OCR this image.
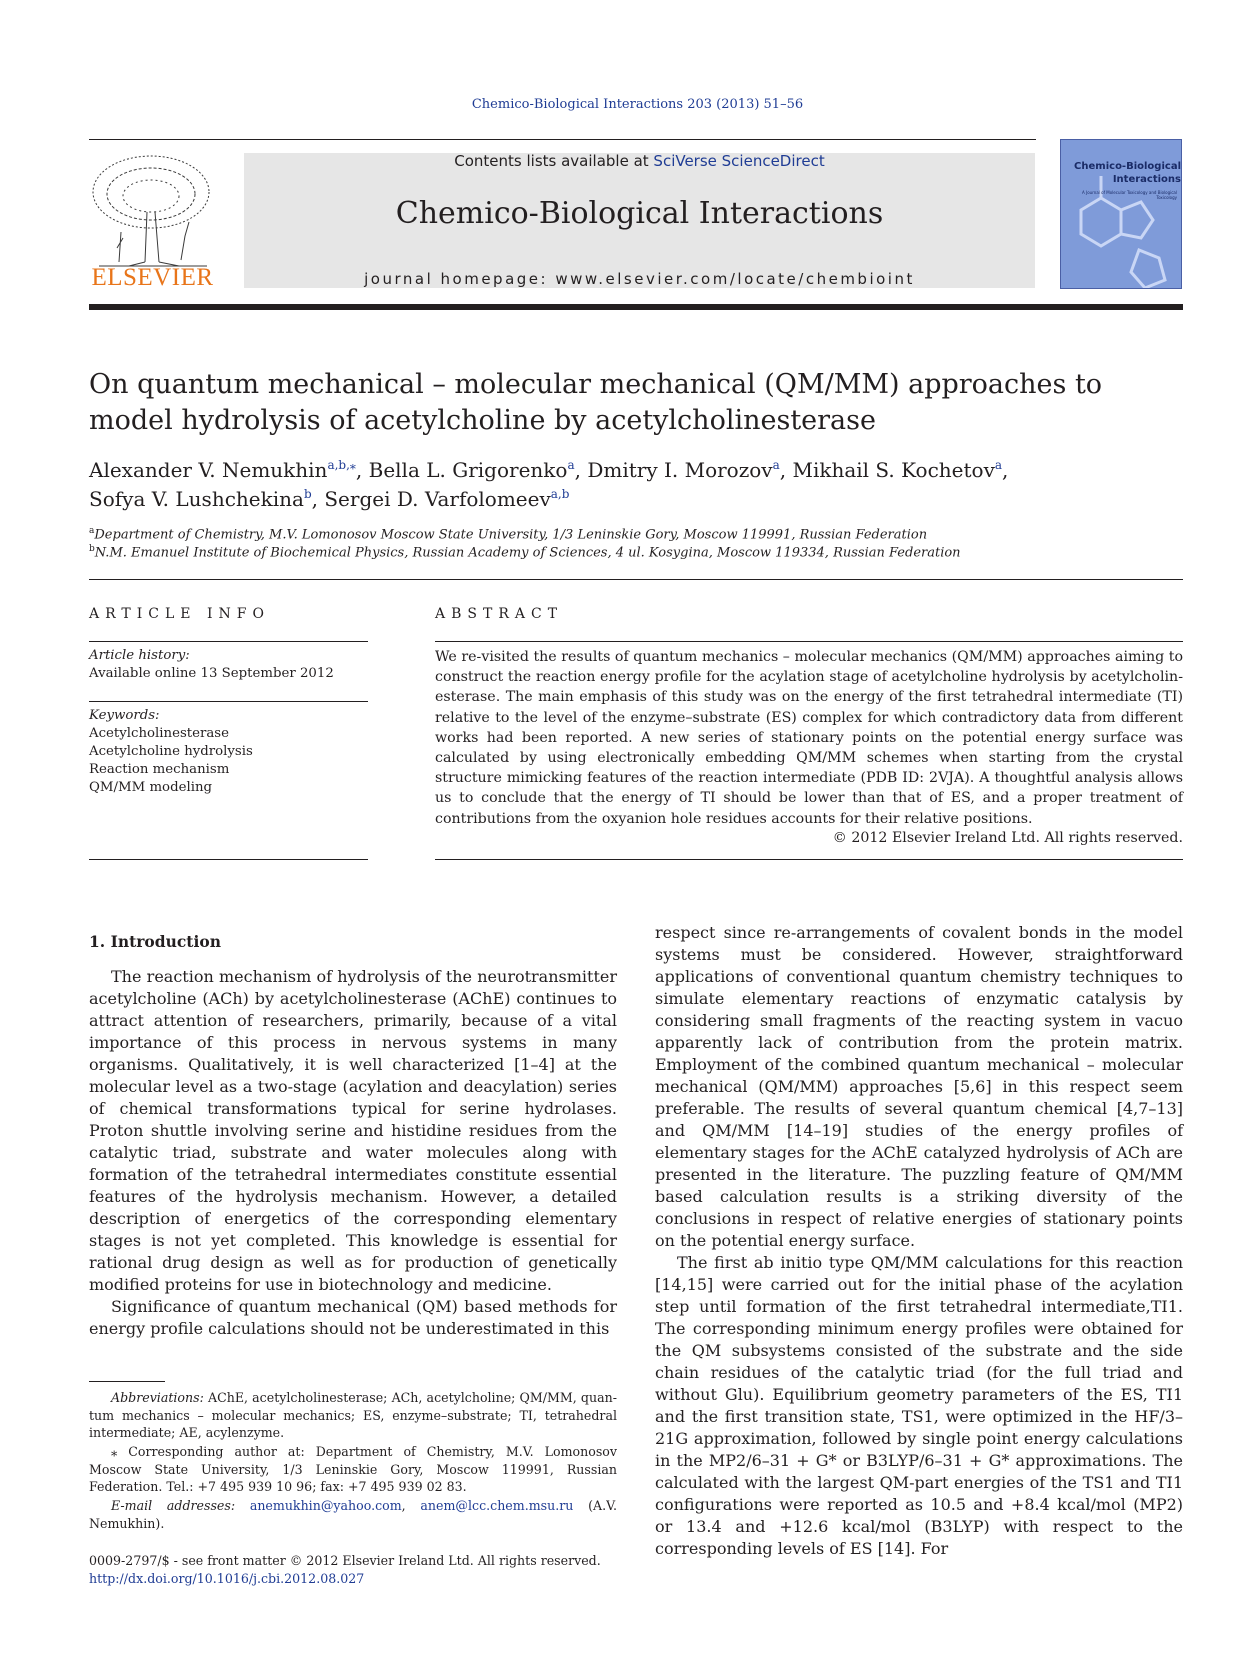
Chemico-Biological Interactions 203 (2013) 51–56
ELSEVIER
Contents lists available at SciVerse ScienceDirect
Chemico-Biological Interactions
journal homepage: www.elsevier.com/locate/chembioint
Chemico-Biological Interactions
A Journal of Molecular Toxicology and Biological Toxicology
On quantum mechanical – molecular mechanical (QM/MM) approaches to model hydrolysis of acetylcholine by acetylcholinesterase
Alexander V. Nemukhin$^{a,b,⁎}$, Bella L. Grigorenko$^a$, Dmitry I. Morozov$^a$, Mikhail S. Kochetov$^a$,
Sofya V. Lushchekina$^b$, Sergei D. Varfolomeev$^{a,b}$
$^a$Department of Chemistry, M.V. Lomonosov Moscow State University, 1/3 Leninskie Gory, Moscow 119991, Russian Federation
$^b$N.M. Emanuel Institute of Biochemical Physics, Russian Academy of Sciences, 4 ul. Kosygina, Moscow 119334, Russian Federation
ARTICLE INFO	ABSTRACT
Article history:
Available online 13 September 2012
Keywords:
Acetylcholinesterase
Acetylcholine hydrolysis
Reaction mechanism
QM/MM modeling
We re-visited the results of quantum mechanics – molecular mechanics (QM/MM) approaches aiming to construct the reaction energy profile for the acylation stage of acetylcholine hydrolysis by acetylcholinesterase. The main emphasis of this study was on the energy of the first tetrahedral intermediate (TI) relative to the level of the enzyme–substrate (ES) complex for which contradictory data from different works had been reported. A new series of stationary points on the potential energy surface was calculated by using electronically embedding QM/MM schemes when starting from the crystal structure mimicking features of the reaction intermediate (PDB ID: 2VJA). A thoughtful analysis allows us to conclude that the energy of TI should be lower than that of ES, and a proper treatment of contributions from the oxyanion hole residues accounts for their relative positions.
© 2012 Elsevier Ireland Ltd. All rights reserved.
1. Introduction

The reaction mechanism of hydrolysis of the neurotransmitter acetylcholine (ACh) by acetylcholinesterase (AChE) continues to attract attention of researchers, primarily, because of a vital importance of this process in nervous systems in many organisms. Qualitatively, it is well characterized [1–4] at the molecular level as a two-stage (acylation and deacylation) series of chemical transformations typical for serine hydrolases. Proton shuttle involving serine and histidine residues from the catalytic triad, substrate and water molecules along with formation of the tetrahedral intermediates constitute essential features of the hydrolysis mechanism. However, a detailed description of energetics of the corresponding elementary stages is not yet completed. This knowledge is essential for rational drug design as well as for production of genetically modified proteins for use in biotechnology and medicine.

Significance of quantum mechanical (QM) based methods for energy profile calculations should not be underestimated in this

respect since re-arrangements of covalent bonds in the model systems must be considered. However, straightforward applications of conventional quantum chemistry techniques to simulate elementary reactions of enzymatic catalysis by considering small fragments of the reacting system in vacuo apparently lack of contribution from the protein matrix. Employment of the combined quantum mechanical – molecular mechanical (QM/MM) approaches [5,6] in this respect seem preferable. The results of several quantum chemical [4,7–13] and QM/MM [14–19] studies of the energy profiles of elementary stages for the AChE catalyzed hydrolysis of ACh are presented in the literature. The puzzling feature of QM/MM based calculation results is a striking diversity of the conclusions in respect of relative energies of stationary points on the potential energy surface.

The first ab initio type QM/MM calculations for this reaction [14,15] were carried out for the initial phase of the acylation step until formation of the first tetrahedral intermediate,TI1. The corresponding minimum energy profiles were obtained for the QM subsystems consisted of the substrate and the side chain residues of the catalytic triad (for the full triad and without Glu). Equilibrium geometry parameters of the ES, TI1 and the first transition state, TS1, were optimized in the HF/3–21G approximation, followed by single point energy calculations in the MP2/6–31 + G* or B3LYP/6–31 + G* approximations. The calculated with the largest QM-part energies of the TS1 and TI1 configurations were reported as 10.5 and +8.4 kcal/mol (MP2) or 13.4 and +12.6 kcal/mol (B3LYP) with respect to the corresponding levels of ES [14]. For

Abbreviations: AChE, acetylcholinesterase; ACh, acetylcholine; QM/MM, quantum mechanics – molecular mechanics; ES, enzyme–substrate; TI, tetrahedral intermediate; AE, acylenzyme.
⁎ Corresponding author at: Department of Chemistry, M.V. Lomonosov Moscow State University, 1/3 Leninskie Gory, Moscow 119991, Russian Federation. Tel.: +7 495 939 10 96; fax: +7 495 939 02 83.
E-mail addresses: anemukhin@yahoo.com, anem@lcc.chem.msu.ru (A.V. Nemukhin).
0009-2797/$ - see front matter © 2012 Elsevier Ireland Ltd. All rights reserved.
http://dx.doi.org/10.1016/j.cbi.2012.08.027
